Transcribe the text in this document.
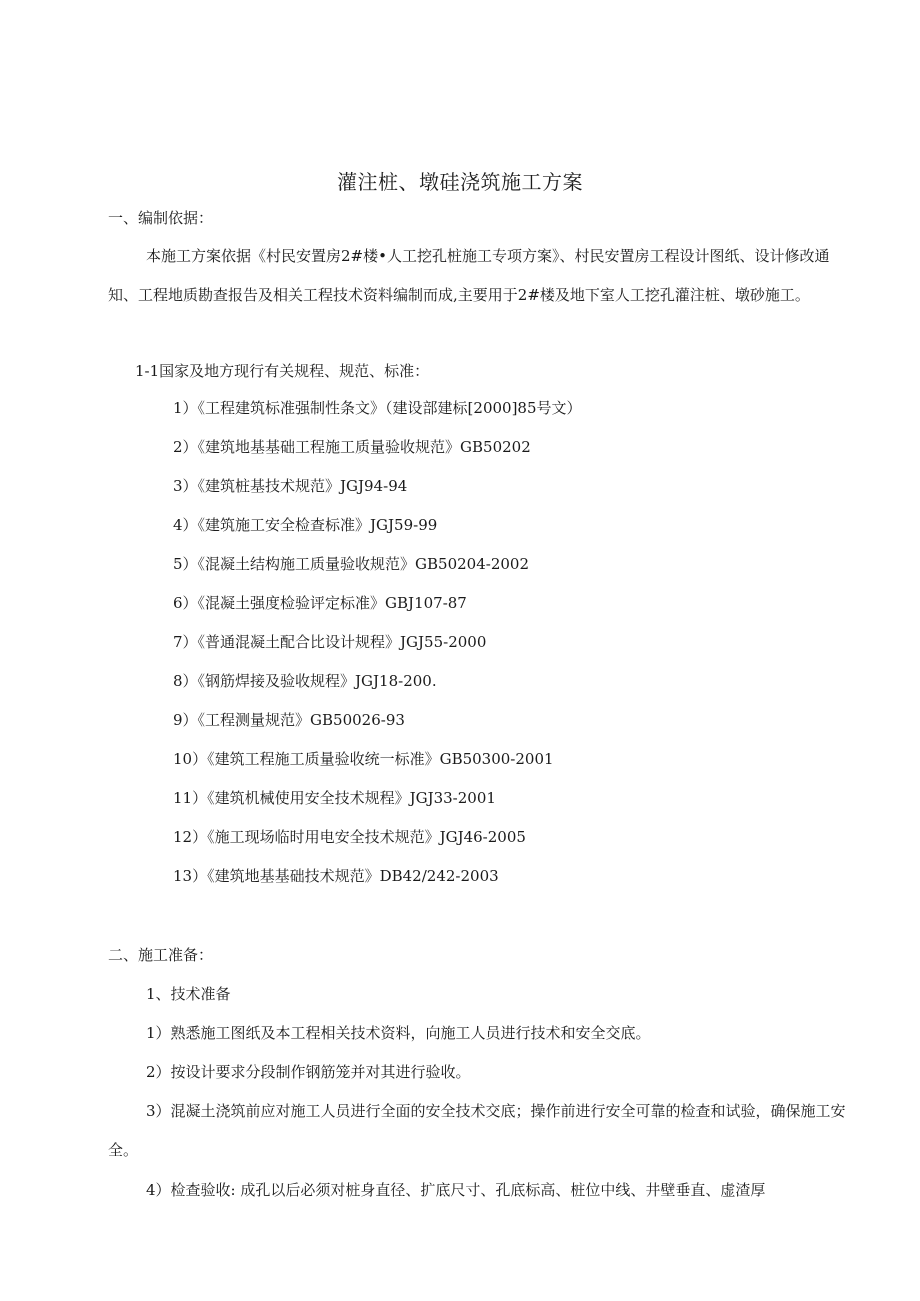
灌注桩、墩硅浇筑施工方案
一、编制依据：
本施工方案依据《村民安置房2#楼•人工挖孔桩施工专项方案》、村民安置房工程设计图纸、设计修改通知、工程地质勘查报告及相关工程技术资料编制而成,主要用于2#楼及地下室人工挖孔灌注桩、墩砂施工。
1-1国家及地方现行有关规程、规范、标准：
1）《工程建筑标准强制性条文》（建设部建标[2000]85号文）
2）《建筑地基基础工程施工质量验收规范》GB50202
3）《建筑桩基技术规范》JGJ94-94
4）《建筑施工安全检查标准》JGJ59-99
5）《混凝土结构施工质量验收规范》GB50204-2002
6）《混凝土强度检验评定标准》GBJ107-87
7）《普通混凝土配合比设计规程》JGJ55-2000
8）《钢筋焊接及验收规程》JGJ18-200.
9）《工程测量规范》GB50026-93
10）《建筑工程施工质量验收统一标准》GB50300-2001
11）《建筑机械使用安全技术规程》JGJ33-2001
12）《施工现场临时用电安全技术规范》JGJ46-2005
13）《建筑地基基础技术规范》DB42/242-2003
二、施工准备：
1、技术准备
1）熟悉施工图纸及本工程相关技术资料，向施工人员进行技术和安全交底。
2）按设计要求分段制作钢筋笼并对其进行验收。
3）混凝土浇筑前应对施工人员进行全面的安全技术交底；操作前进行安全可靠的检查和试验，确保施工安全。
4）检查验收: 成孔以后必须对桩身直径、扩底尺寸、孔底标高、桩位中线、井壁垂直、虚渣厚
